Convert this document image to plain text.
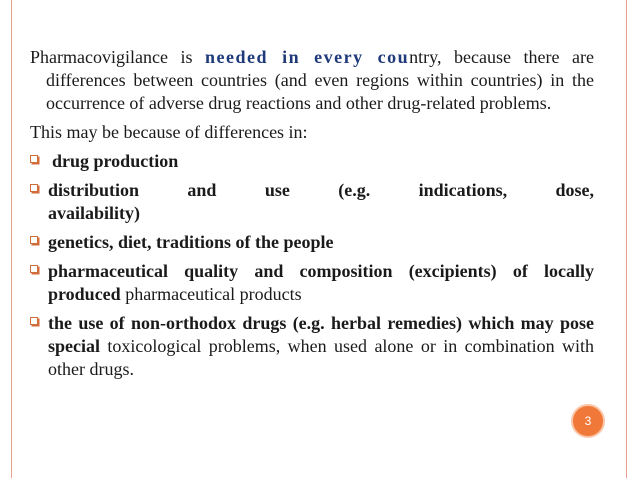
Pharmacovigilance is needed in every country, because there are differences between countries (and even regions within countries) in the occurrence of adverse drug reactions and other drug-related problems.

This may be because of differences in:

drug production
distribution and use (e.g. indications, dose,
availability)
genetics, diet, traditions of the people
pharmaceutical quality and composition (excipients) of locally produced pharmaceutical products
the use of non-orthodox drugs (e.g. herbal remedies) which may pose special toxicological problems, when used alone or in combination with other drugs.
3
